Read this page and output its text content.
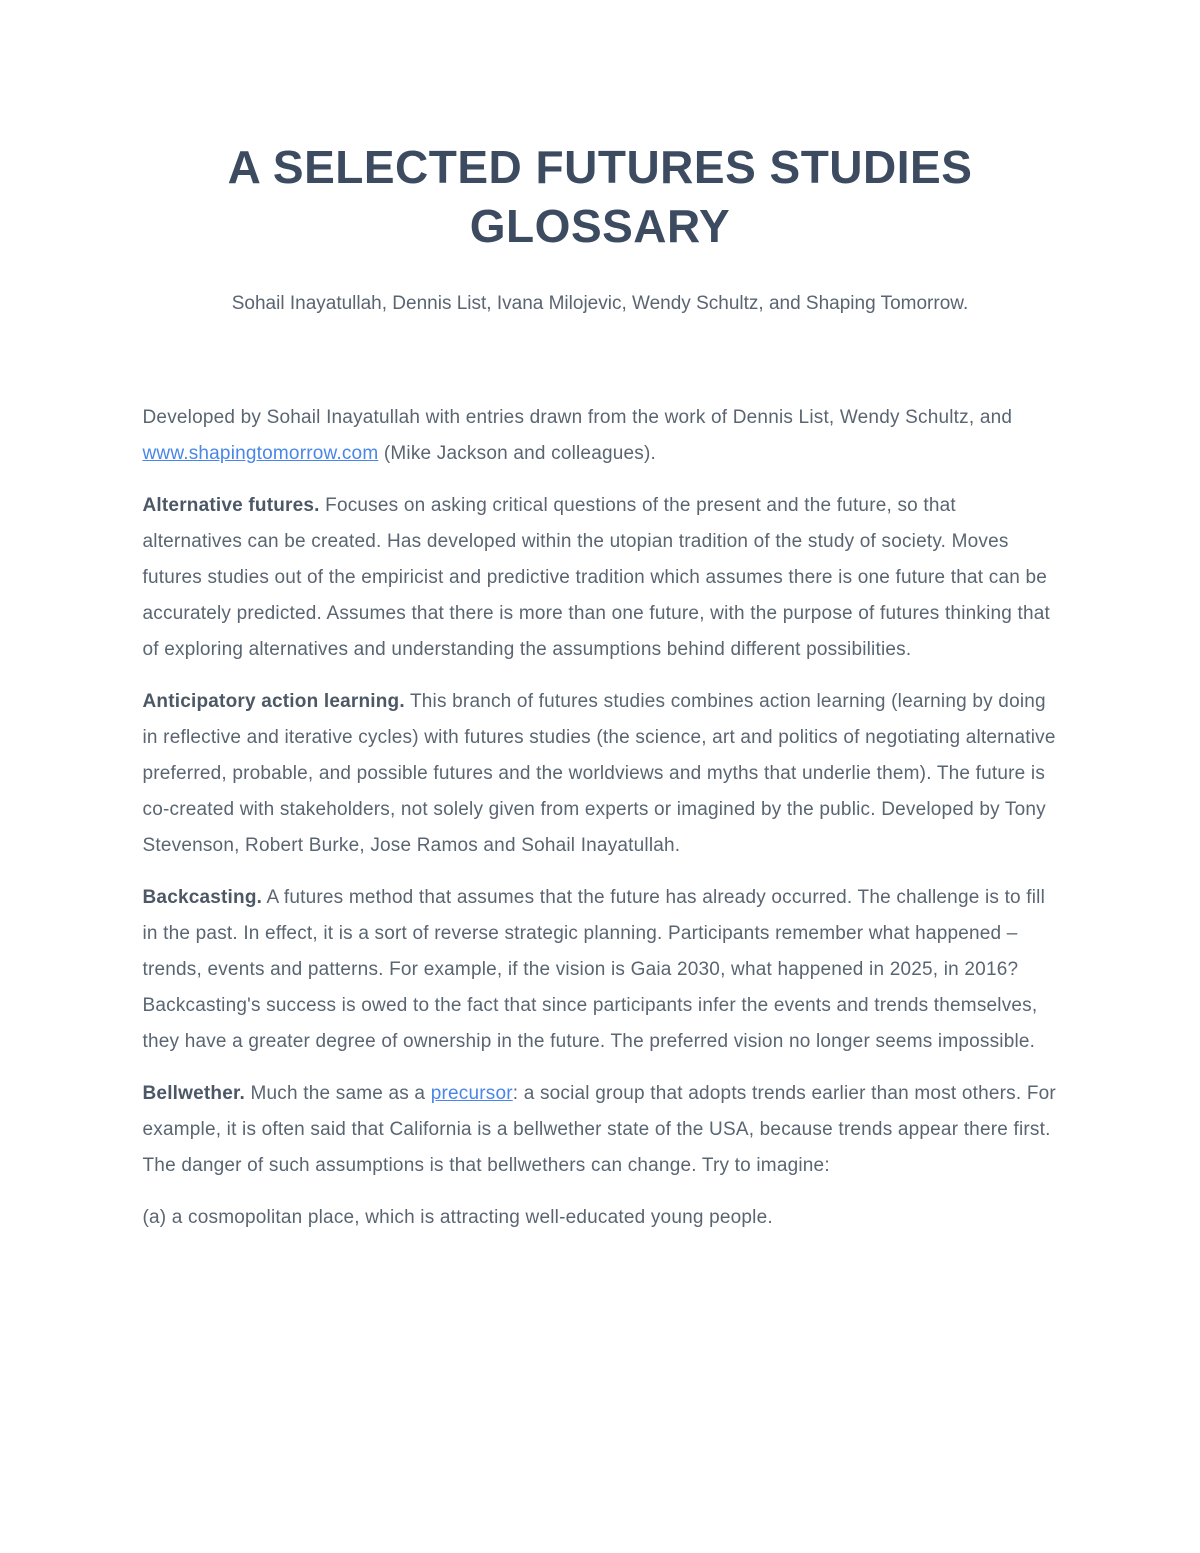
A SELECTED FUTURES STUDIES GLOSSARY

Sohail Inayatullah, Dennis List, Ivana Milojevic, Wendy Schultz, and Shaping Tomorrow.

Developed by Sohail Inayatullah with entries drawn from the work of Dennis List, Wendy Schultz, and www.shapingtomorrow.com (Mike Jackson and colleagues).

Alternative futures. Focuses on asking critical questions of the present and the future, so that alternatives can be created. Has developed within the utopian tradition of the study of society. Moves futures studies out of the empiricist and predictive tradition which assumes there is one future that can be accurately predicted. Assumes that there is more than one future, with the purpose of futures thinking that of exploring alternatives and understanding the assumptions behind different possibilities.

Anticipatory action learning. This branch of futures studies combines action learning (learning by doing in reflective and iterative cycles) with futures studies (the science, art and politics of negotiating alternative preferred, probable, and possible futures and the worldviews and myths that underlie them). The future is co-created with stakeholders, not solely given from experts or imagined by the public. Developed by Tony Stevenson, Robert Burke, Jose Ramos and Sohail Inayatullah.

Backcasting. A futures method that assumes that the future has already occurred. The challenge is to fill in the past. In effect, it is a sort of reverse strategic planning. Participants remember what happened – trends, events and patterns. For example, if the vision is Gaia 2030, what happened in 2025, in 2016? Backcasting's success is owed to the fact that since participants infer the events and trends themselves, they have a greater degree of ownership in the future. The preferred vision no longer seems impossible.

Bellwether. Much the same as a precursor: a social group that adopts trends earlier than most others. For example, it is often said that California is a bellwether state of the USA, because trends appear there first. The danger of such assumptions is that bellwethers can change. Try to imagine:

(a) a cosmopolitan place, which is attracting well-educated young people.
